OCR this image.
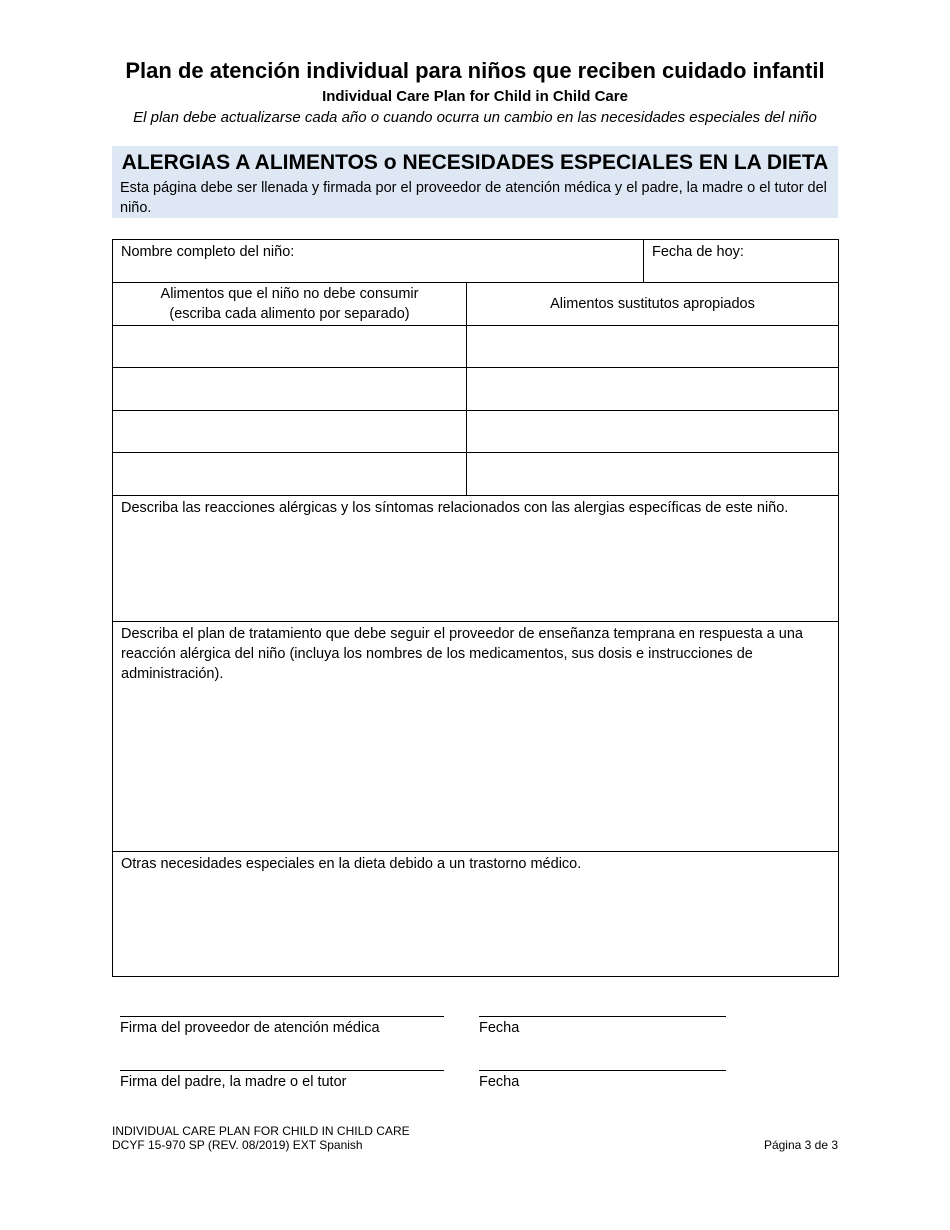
Plan de atención individual para niños que reciben cuidado infantil
Individual Care Plan for Child in Child Care
El plan debe actualizarse cada año o cuando ocurra un cambio en las necesidades especiales del niño
ALERGIAS A ALIMENTOS o NECESIDADES ESPECIALES EN LA DIETA
Esta página debe ser llenada y firmada por el proveedor de atención médica y el padre, la madre o el tutor del niño.
Nombre completo del niño:		Fecha de hoy:

Alimentos que el niño no debe consumir
(escriba cada alimento por separado)	Alimentos sustitutos apropiados	

Describa las reacciones alérgicas y los síntomas relacionados con las alergias específicas de este niño.		

Describa el plan de tratamiento que debe seguir el proveedor de enseñanza temprana en respuesta a una reacción alérgica del niño (incluya los nombres de los medicamentos, sus dosis e instrucciones de administración).		

Otras necesidades especiales en la dieta debido a un trastorno médico.		
Firma del proveedor de atención médica	Fecha
Firma del padre, la madre o el tutor	Fecha
INDIVIDUAL CARE PLAN FOR CHILD IN CHILD CARE
DCYF 15-970 SP (REV. 08/2019) EXT Spanish	Página 3 de 3
